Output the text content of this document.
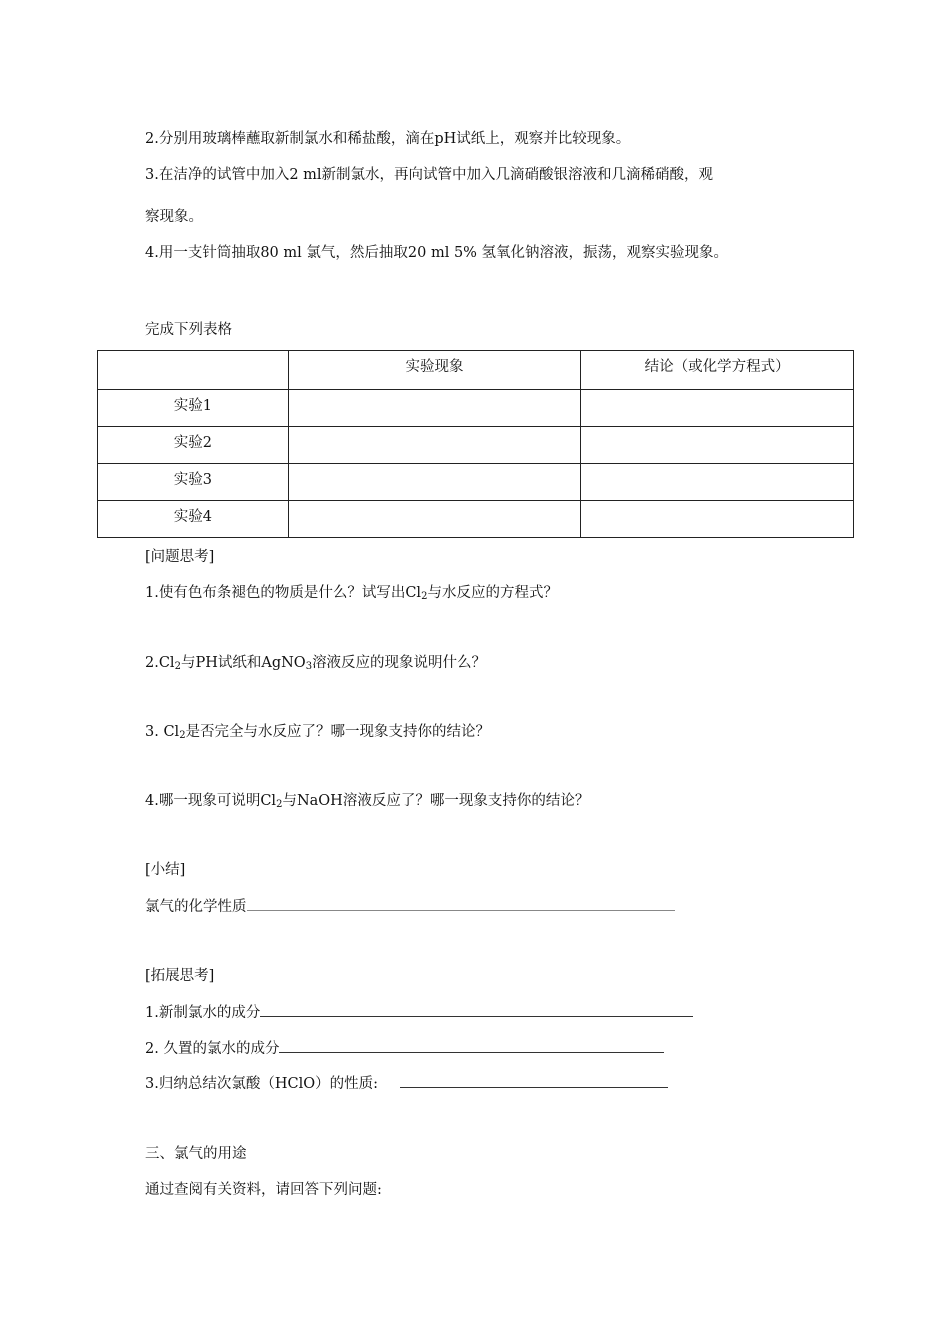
2.分别用玻璃棒蘸取新制氯水和稀盐酸，滴在pH试纸上，观察并比较现象。
3.在洁净的试管中加入2 ml新制氯水，再向试管中加入几滴硝酸银溶液和几滴稀硝酸，观
察现象。
4.用一支针筒抽取80 ml 氯气，然后抽取20 ml 5% 氢氧化钠溶液，振荡，观察实验现象。
完成下列表格
	实验现象	结论（或化学方程式）
实验1		
实验2		
实验3		
实验4		
[问题思考]
1.使有色布条褪色的物质是什么？试写出$Cl_2$与水反应的方程式？
$2.Cl_2$与PH试纸和AgNO$_3$溶液反应的现象说明什么？
3. $Cl_2$是否完全与水反应了？哪一现象支持你的结论？
4.哪一现象可说明$Cl_2$与NaOH溶液反应了？哪一现象支持你的结论？
[小结]
氯气的化学性质
[拓展思考]
1.新制氯水的成分
2. 久置的氯水的成分
3.归纳总结次氯酸（HClO）的性质:
三、氯气的用途
通过查阅有关资料，请回答下列问题:
